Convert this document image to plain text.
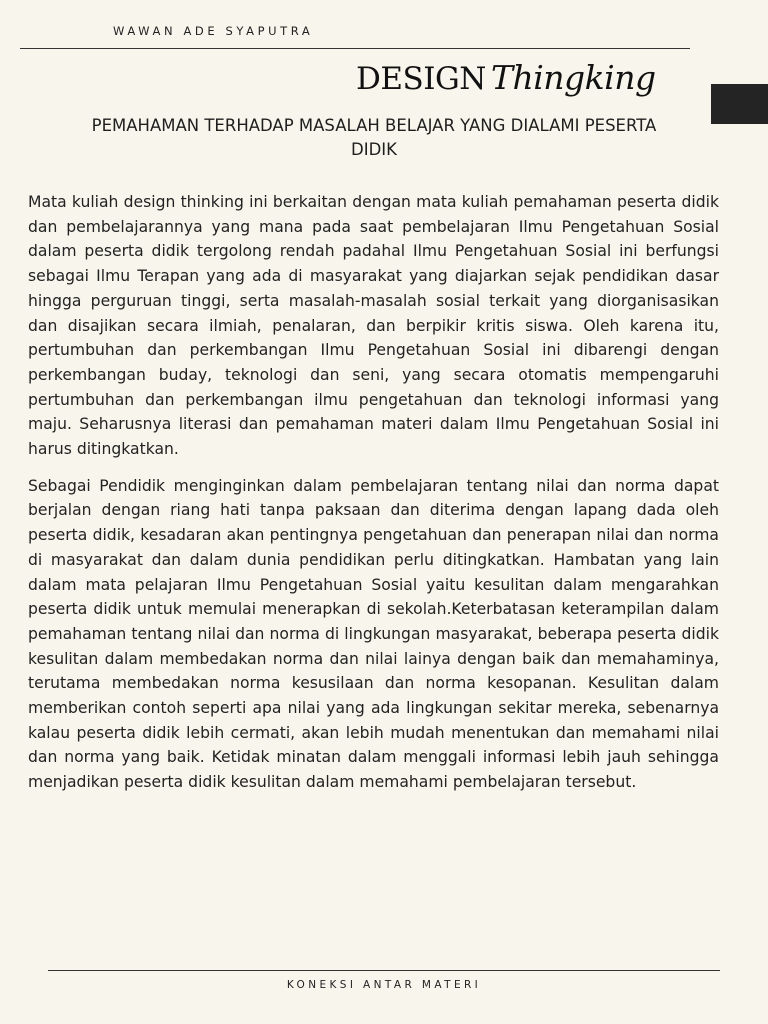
WAWAN ADE SYAPUTRA
DESIGN Thingking
PEMAHAMAN TERHADAP MASALAH BELAJAR YANG DIALAMI PESERTA DIDIK

Mata kuliah design thinking ini berkaitan dengan mata kuliah pemahaman peserta didik dan pembelajarannya yang mana pada saat pembelajaran Ilmu Pengetahuan Sosial dalam peserta didik tergolong rendah padahal Ilmu Pengetahuan Sosial ini berfungsi sebagai Ilmu Terapan yang ada di masyarakat yang diajarkan sejak pendidikan dasar hingga perguruan tinggi, serta masalah-masalah sosial terkait yang diorganisasikan dan disajikan secara ilmiah, penalaran, dan berpikir kritis siswa. Oleh karena itu, pertumbuhan dan perkembangan Ilmu Pengetahuan Sosial ini dibarengi dengan perkembangan buday, teknologi dan seni, yang secara otomatis mempengaruhi pertumbuhan dan perkembangan ilmu pengetahuan dan teknologi informasi yang maju. Seharusnya literasi dan pemahaman materi dalam Ilmu Pengetahuan Sosial ini harus ditingkatkan.

Sebagai Pendidik menginginkan dalam pembelajaran tentang nilai dan norma dapat berjalan dengan riang hati tanpa paksaan dan diterima dengan lapang dada oleh peserta didik, kesadaran akan pentingnya pengetahuan dan penerapan nilai dan norma di masyarakat dan dalam dunia pendidikan perlu ditingkatkan. Hambatan yang lain dalam mata pelajaran Ilmu Pengetahuan Sosial yaitu kesulitan dalam mengarahkan peserta didik untuk memulai menerapkan di sekolah.Keterbatasan keterampilan dalam pemahaman tentang nilai dan norma di lingkungan masyarakat, beberapa peserta didik kesulitan dalam membedakan norma dan nilai lainya dengan baik dan memahaminya, terutama membedakan norma kesusilaan dan norma kesopanan. Kesulitan dalam memberikan contoh seperti apa nilai yang ada lingkungan sekitar mereka, sebenarnya kalau peserta didik lebih cermati, akan lebih mudah menentukan dan memahami nilai dan norma yang baik. Ketidak minatan dalam menggali informasi lebih jauh sehingga menjadikan peserta didik kesulitan dalam memahami pembelajaran tersebut.

KONEKSI ANTAR MATERI
